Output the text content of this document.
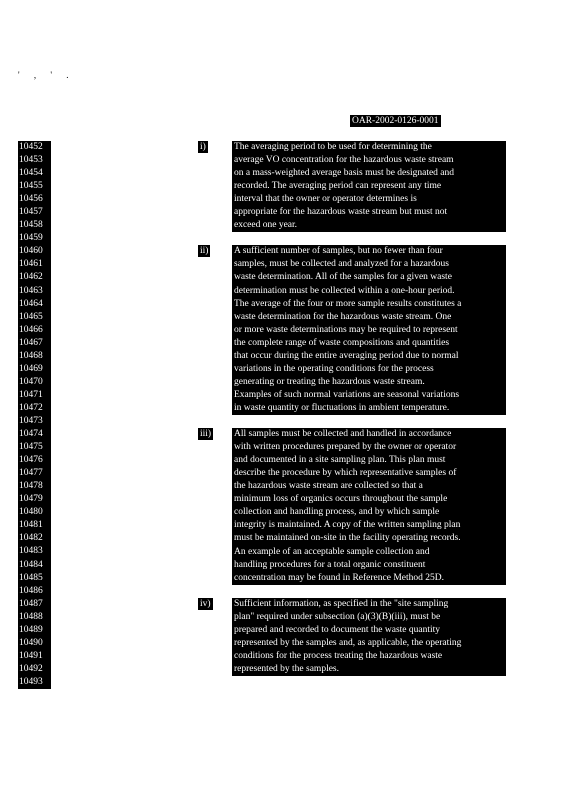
' , ' .
OAR-2002-0126-0001
10452
10453
10454
10455
10456
10457
10458
10459
10460
10461
10462
10463
10464
10465
10466
10467
10468
10469
10470
10471
10472
10473
10474
10475
10476
10477
10478
10479
10480
10481
10482
10483
10484
10485
10486
10487
10488
10489
10490
10491
10492
10493
i)	The averaging period to be used for determining the
average VO concentration for the hazardous waste stream
on a mass-weighted average basis must be designated and
recorded. The averaging period can represent any time
interval that the owner or operator determines is
appropriate for the hazardous waste stream but must not
exceed one year.
ii)	A sufficient number of samples, but no fewer than four
samples, must be collected and analyzed for a hazardous
waste determination. All of the samples for a given waste
determination must be collected within a one-hour period.
The average of the four or more sample results constitutes a
waste determination for the hazardous waste stream. One
or more waste determinations may be required to represent
the complete range of waste compositions and quantities
that occur during the entire averaging period due to normal
variations in the operating conditions for the process
generating or treating the hazardous waste stream.
Examples of such normal variations are seasonal variations
in waste quantity or fluctuations in ambient temperature.
iii) All samples must be collected and handled in accordance
with written procedures prepared by the owner or operator
and documented in a site sampling plan. This plan must
describe the procedure by which representative samples of
the hazardous waste stream are collected so that a
minimum loss of organics occurs throughout the sample
collection and handling process, and by which sample
integrity is maintained. A copy of the written sampling plan
must be maintained on-site in the facility operating records.
An example of an acceptable sample collection and
handling procedures for a total organic constituent
concentration may be found in Reference Method 25D.
iv) Sufficient information, as specified in the "site sampling
plan" required under subsection (a)(3)(B)(iii), must be
prepared and recorded to document the waste quantity
represented by the samples and, as applicable, the operating
conditions for the process treating the hazardous waste
represented by the samples.
